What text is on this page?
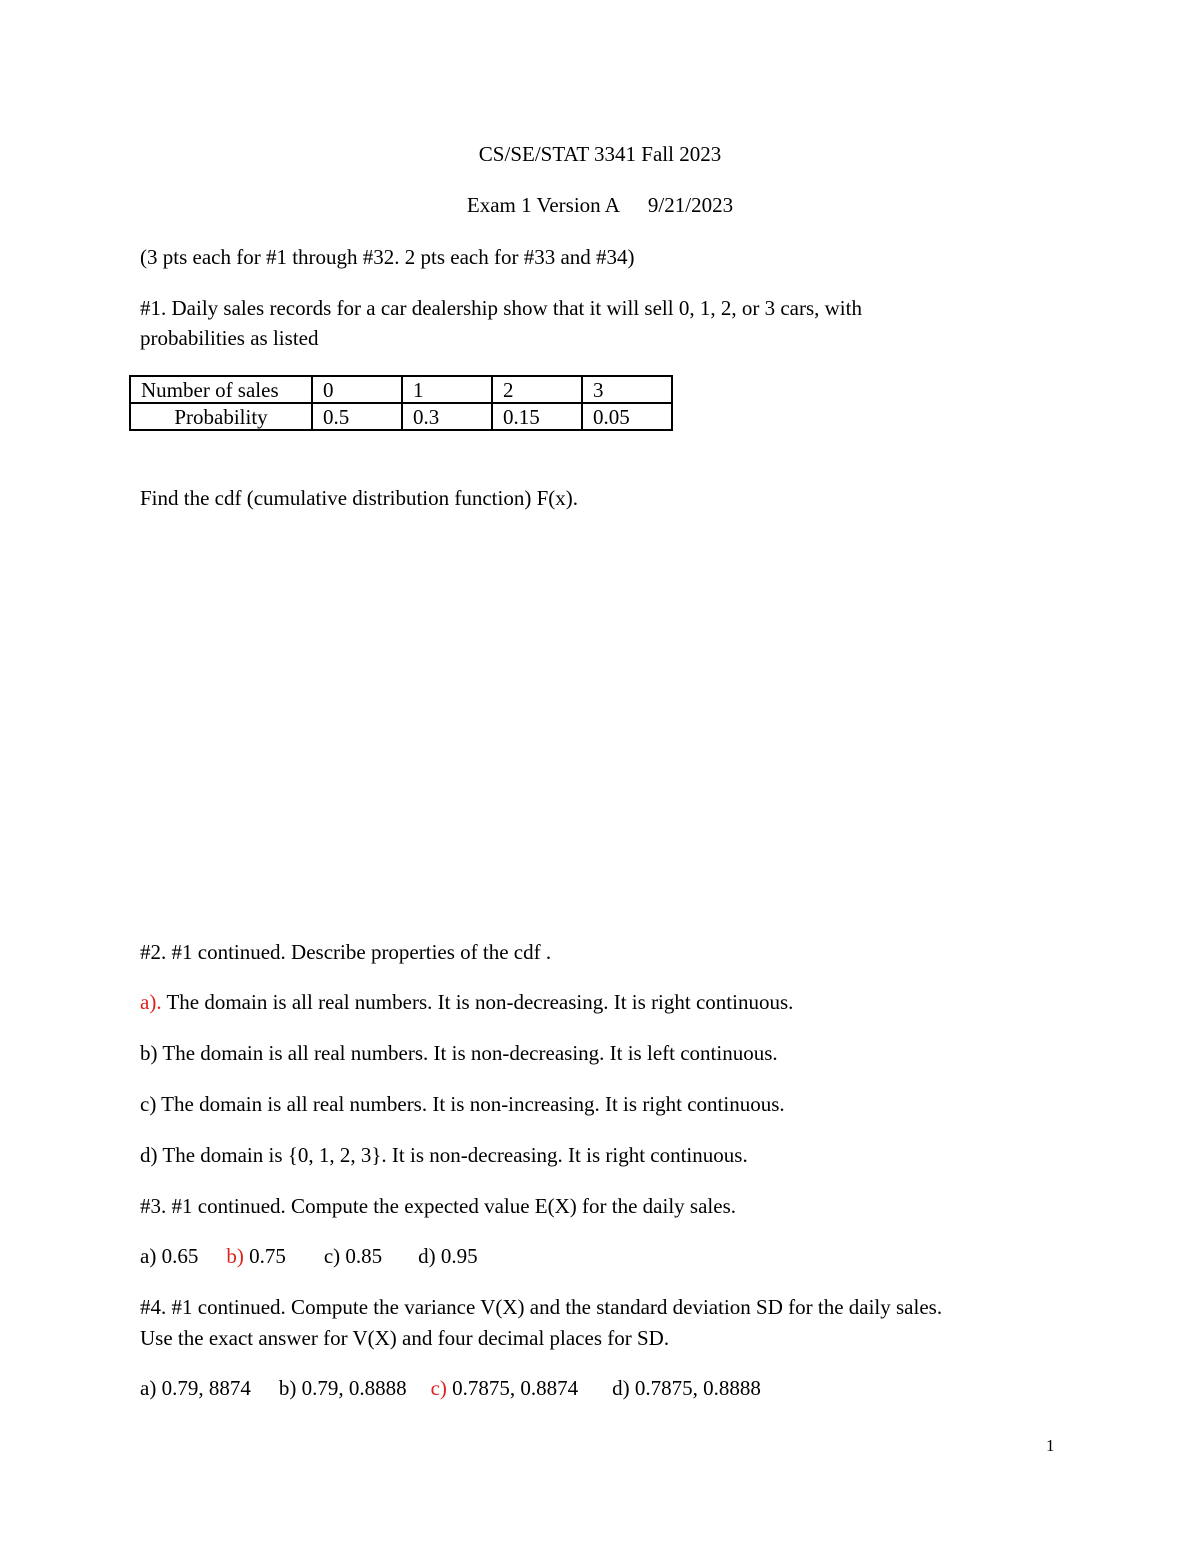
CS/SE/STAT 3341 Fall 2023
Exam 1 Version A 9/21/2023
(3 pts each for #1 through #32. 2 pts each for #33 and #34)
#1. Daily sales records for a car dealership show that it will sell 0, 1, 2, or 3 cars, with
probabilities as listed
Number of sales	0	1	2	3
Probability	0.5	0.3	0.15	0.05
Find the cdf (cumulative distribution function) F(x).
#2. #1 continued. Describe properties of the cdf .
a). The domain is all real numbers. It is non-decreasing. It is right continuous.
b) The domain is all real numbers. It is non-decreasing. It is left continuous.
c) The domain is all real numbers. It is non-increasing. It is right continuous.
d) The domain is {0, 1, 2, 3}. It is non-decreasing. It is right continuous.
#3. #1 continued. Compute the expected value E(X) for the daily sales.
a) 0.65 b) 0.75 c) 0.85 d) 0.95
#4. #1 continued. Compute the variance V(X) and the standard deviation SD for the daily sales.
Use the exact answer for V(X) and four decimal places for SD.
a) 0.79, 8874 b) 0.79, 0.8888 c) 0.7875, 0.8874 d) 0.7875, 0.8888
1
